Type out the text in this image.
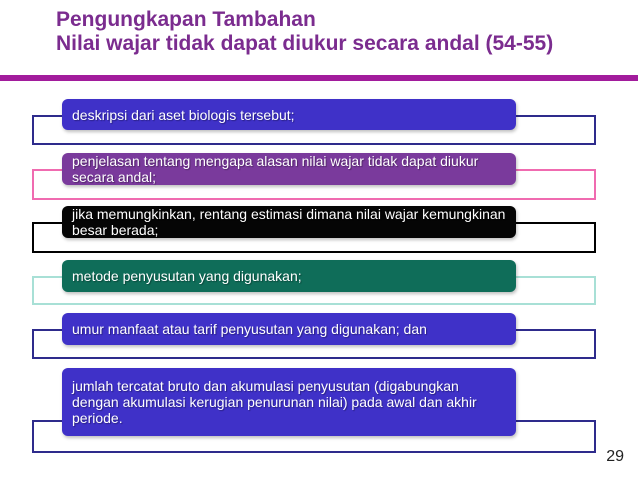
Pengungkapan Tambahan
Nilai wajar tidak dapat diukur secara andal (54-55)
deskripsi dari aset biologis tersebut;
penjelasan tentang mengapa alasan nilai wajar tidak dapat diukur secara andal;
jika memungkinkan, rentang estimasi dimana nilai wajar kemungkinan besar berada;
metode penyusutan yang digunakan;
umur manfaat atau tarif penyusutan yang digunakan; dan
jumlah tercatat bruto dan akumulasi penyusutan (digabungkan dengan akumulasi kerugian penurunan nilai) pada awal dan akhir periode.
29
